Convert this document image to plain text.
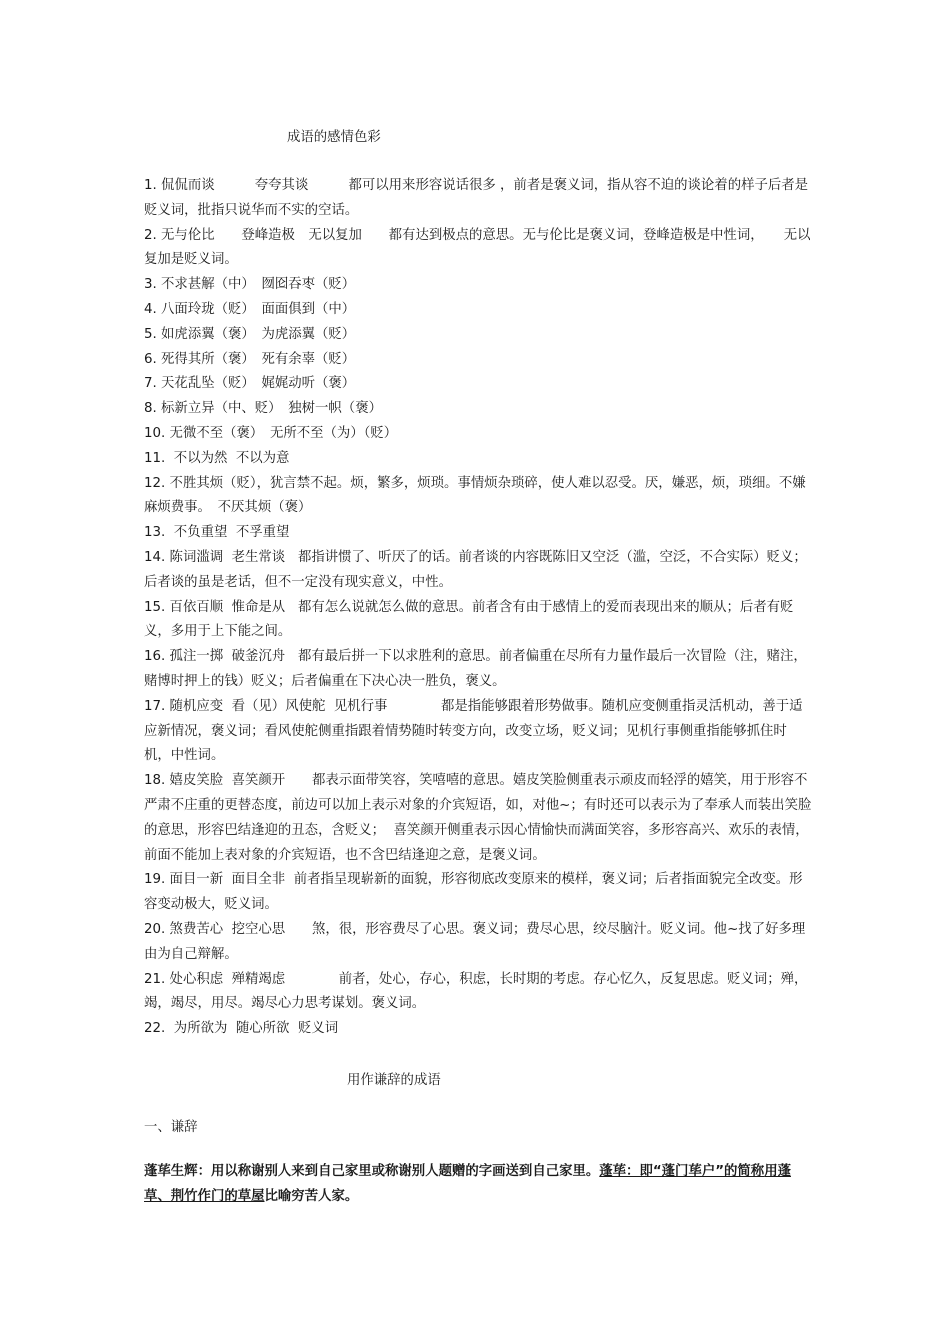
成语的感情色彩

1. 侃侃而谈　　　夸夸其谈　　　都可以用来形容说话很多 ，前者是褒义词，指从容不迫的谈论着的样子后者是贬义词，批指只说华而不实的空话。

2. 无与伦比　　登峰造极　无以复加　　都有达到极点的意思。无与伦比是褒义词，登峰造极是中性词，　　无以复加是贬义词。

3. 不求甚解（中）　囫囵吞枣（贬）

4. 八面玲珑（贬）　面面俱到（中）

5. 如虎添翼（褒）　为虎添翼（贬）

6. 死得其所（褒）　死有余辜（贬）

7. 天花乱坠（贬）　娓娓动听（褒）

8. 标新立异（中、贬）　独树一帜（褒）

10. 无微不至（褒）　无所不至（为）（贬）

11.  不以为然  不以为意

12. 不胜其烦（贬），犹言禁不起。烦，繁多，烦琐。事情烦杂琐碎，使人难以忍受。厌，嫌恶，烦，琐细。不嫌麻烦费事。　不厌其烦（褒）

13.  不负重望  不孚重望

14. 陈词滥调  老生常谈   都指讲惯了、听厌了的话。前者谈的内容既陈旧又空泛（滥，空泛，不合实际）贬义；后者谈的虽是老话，但不一定没有现实意义，中性。

15. 百依百顺  惟命是从   都有怎么说就怎么做的意思。前者含有由于感情上的爱而表现出来的顺从；后者有贬义，多用于上下能之间。

16. 孤注一掷  破釜沉舟   都有最后拼一下以求胜利的意思。前者偏重在尽所有力量作最后一次冒险（注，赌注，赌博时押上的钱）贬义；后者偏重在下决心决一胜负，褒义。

17. 随机应变  看（见）风使舵  见机行事　　　　都是指能够跟着形势做事。随机应变侧重指灵活机动，善于适应新情况，褒义词；看风使舵侧重指跟着情势随时转变方向，改变立场，贬义词；见机行事侧重指能够抓住时机，中性词。

18. 嬉皮笑脸  喜笑颜开　　都表示面带笑容，笑嘻嘻的意思。嬉皮笑脸侧重表示顽皮而轻浮的嬉笑，用于形容不严肃不庄重的更替态度，前边可以加上表示对象的介宾短语，如，对他~；有时还可以表示为了奉承人而装出笑脸的意思，形容巴结逢迎的丑态，含贬义；  喜笑颜开侧重表示因心情愉快而满面笑容，多形容高兴、欢乐的表情，前面不能加上表对象的介宾短语，也不含巴结逢迎之意，是褒义词。

19. 面目一新  面目全非  前者指呈现崭新的面貌，形容彻底改变原来的模样，褒义词；后者指面貌完全改变。形容变动极大，贬义词。

20. 煞费苦心  挖空心思　　煞，很，形容费尽了心思。褒义词；费尽心思，绞尽脑汁。贬义词。他~找了好多理由为自己辩解。

21. 处心积虑  殚精竭虑　　　　前者，处心，存心，积虑，长时期的考虑。存心忆久，反复思虑。贬义词；殚，竭，竭尽，用尽。竭尽心力思考谋划。褒义词。

22.  为所欲为  随心所欲  贬义词

用作谦辞的成语
一、谦辞
蓬荜生辉：用以称谢别人来到自己家里或称谢别人题赠的字画送到自己家里。蓬荜：即“蓬门荜户”的简称用蓬草、荆竹作门的草屋比喻穷苦人家。
